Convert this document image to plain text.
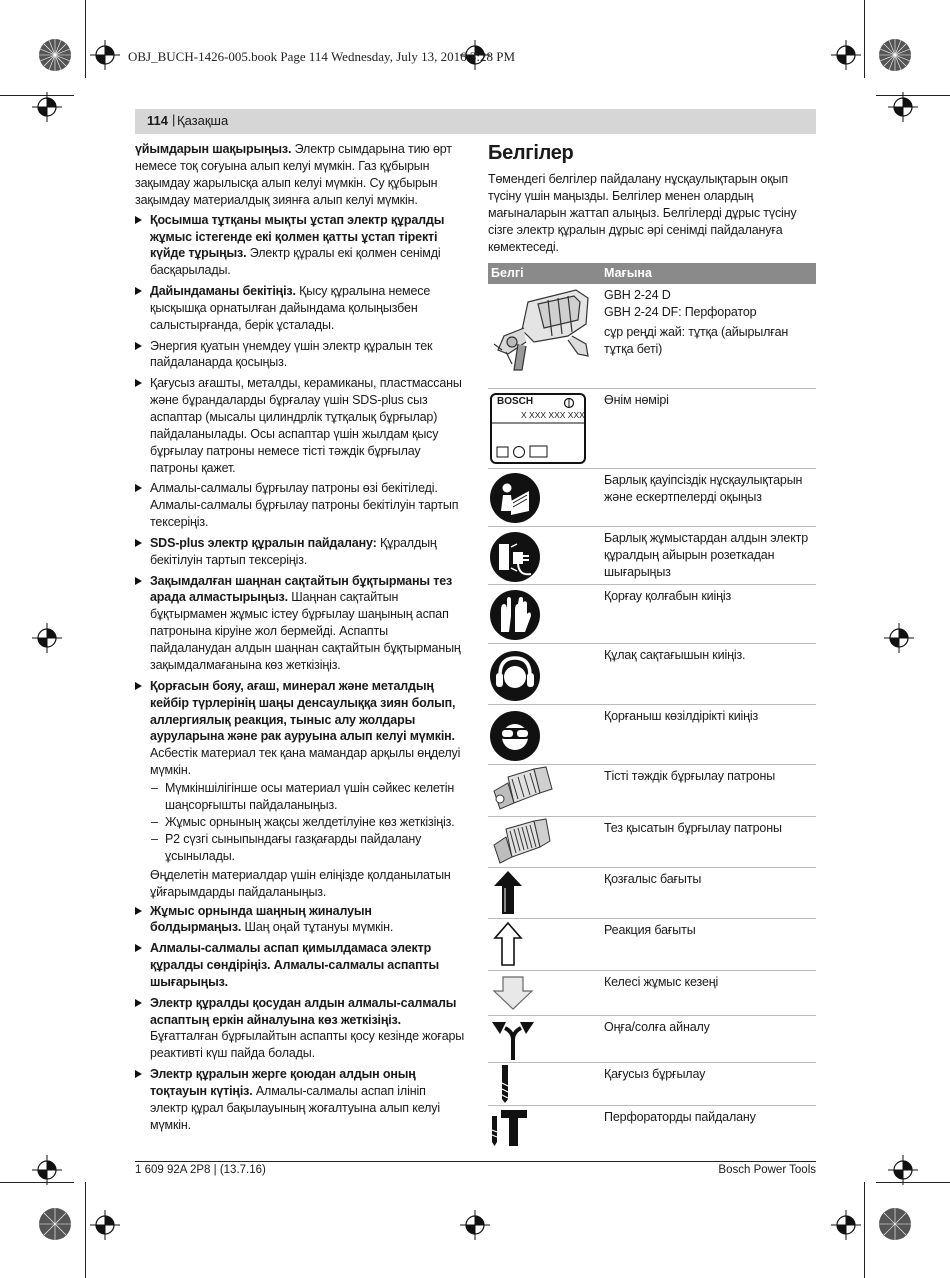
OBJ_BUCH-1426-005.book Page 114 Wednesday, July 13, 2016 3:28 PM
114 | Қазақша

үйымдарын шақырыңыз. Электр сымдарына тию өрт немесе тоқ соғуына алып келуі мүмкін. Газ құбырын зақымдау жарылысқа алып келуі мүмкін. Су құбырын зақымдау материалдық зиянға алып келуі мүмкін.

Қосымша тұтқаны мықты ұстап электр құралды жұмыс істегенде екі қолмен қатты ұстап тіректі күйде тұрыңыз. Электр құралы екі қолмен сенімді басқарылады.
Дайындаманы бекітіңіз. Қысу құралына немесе қысқышқа орнатылған дайындама қолыңызбен салыстырғанда, берік ұсталады.
Энергия қуатын үнемдеу үшін электр құралын тек пайдаланарда қосыңыз.
Қағусыз ағашты, металды, керамиканы, пластмассаны және бұрандаларды бұрғалау үшін SDS-plus сыз аспаптар (мысалы цилиндрлік тұтқалық бұрғылар) пайдаланылады. Осы аспаптар үшін жылдам қысу бұрғылау патроны немесе тісті тәждік бұрғылау патроны қажет.
Алмалы-салмалы бұрғылау патроны өзі бекітіледі. Алмалы-салмалы бұрғылау патроны бекітілуін тартып тексеріңіз.
SDS-plus электр құралын пайдалану: Құралдың бекітілуін тартып тексеріңіз.
Зақымдалған шаңнан сақтайтын бұқтырманы тез арада алмастырыңыз. Шаңнан сақтайтын бұқтырмамен жұмыс істеу бұрғылау шаңының аспап патронына кіруіне жол бермейді. Аспапты пайдаланудан алдын шаңнан сақтайтын бұқтырманың зақымдалмағанына көз жеткізіңіз.
Қорғасын бояу, ағаш, минерал және металдың кейбір түрлерінің шаңы денсаулыққа зиян болып, аллергиялық реакция, тыныс алу жолдары ауруларына және рак ауруына алып келуі мүмкін. Асбестік материал тек қана мамандар арқылы өңделуі мүмкін.
– Мүмкіншілігінше осы материал үшін сәйкес келетін шаңсорғышты пайдаланыңыз.
– Жұмыс орнының жақсы желдетілуіне көз жеткізіңіз.
– P2 сүзгі сыныпындағы газқағарды пайдалану ұсынылады.

Өңделетін материалдар үшін еліңізде қолданылатын ұйғарымдарды пайдаланыңыз.

Жұмыс орнында шаңның жиналуын болдырмаңыз. Шаң оңай тұтануы мүмкін.
Алмалы-салмалы аспап қимылдамаса электр құралды сөндіріңіз. Алмалы-салмалы аспапты шығарыңыз.
Электр құралды қосудан алдын алмалы-салмалы аспаптың еркін айналуына көз жеткізіңіз. Бұғатталған бұрғылайтын аспапты қосу кезінде жоғары реактивті күш пайда болады.
Электр құралын жерге қоюдан алдын оның тоқтауын күтіңіз. Алмалы-салмалы аспап ілініп электр құрал бақылауының жоғалтуына алып келуі мүмкін.
Белгілер

Төмендегі белгілер пайдалану нұсқаулықтарын оқып түсіну үшін маңызды. Белгілер менен олардың мағыналарын жаттап алыңыз. Белгілерді дұрыс түсіну сізге электр құралын дұрыс әрі сенімді пайдалануға көмектеседі.

Белгі	Мағына
GBH 2-24 D
GBH 2-24 DF: Перфоратор
сұр реңді жай: тұтқа (айырылған тұтқа беті)
BOSCH
X XXX XXX XXX
Өнім нөмірі
Барлық қауіпсіздік нұсқаулықтарын және ескертпелерді оқыңыз
Барлық жұмыстардан алдын электр құралдың айырын розеткадан шығарыңыз
Қорғау қолғабын киіңіз
Құлақ сақтағышын киіңіз.
Қорғаныш көзілдірікті киіңіз
Тісті тәждік бұрғылау патроны
Тез қысатын бұрғылау патроны
Қозғалыс бағыты
Реакция бағыты
Келесі жұмыс кезеңі
Оңға/солға айналу
Қағусыз бұрғылау
Перфораторды пайдалану
1 609 92A 2P8 | (13.7.16)	Bosch Power Tools
